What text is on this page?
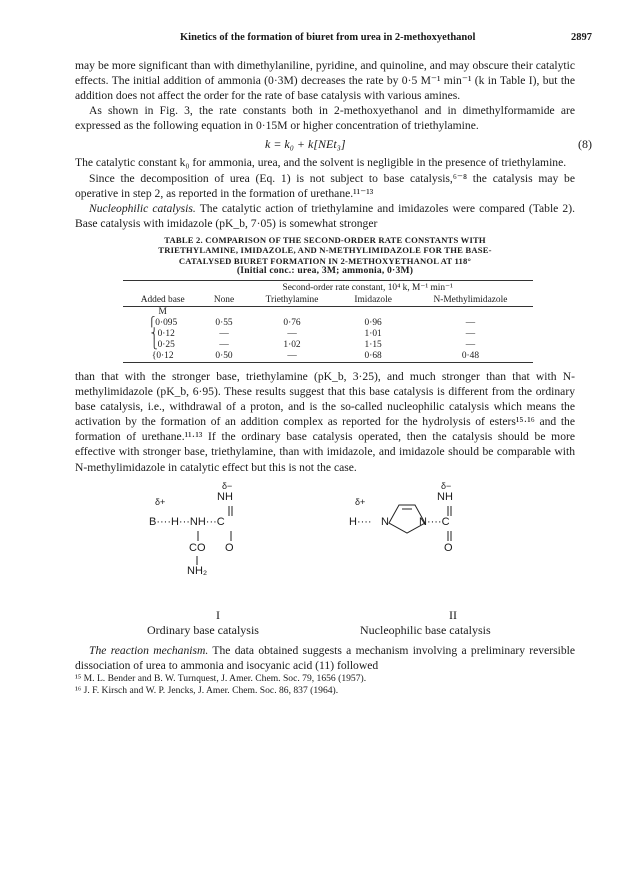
Kinetics of the formation of biuret from urea in 2-methoxyethanol	2897

may be more significant than with dimethylaniline, pyridine, and quinoline, and may obscure their catalytic effects. The initial addition of ammonia (0·3M) decreases the rate by 0·5 M⁻¹ min⁻¹ (k in Table I), but the addition does not affect the order for the rate of base catalysis with various amines.

As shown in Fig. 3, the rate constants both in 2-methoxyethanol and in dimethylformamide are expressed as the following equation in 0·15M or higher concentration of triethylamine.

k = k₀ + k[NEt₃]	(8)

The catalytic constant k₀ for ammonia, urea, and the solvent is negligible in the presence of triethylamine.

Since the decomposition of urea (Eq. 1) is not subject to base catalysis,⁶⁻⁸ the catalysis may be operative in step 2, as reported in the formation of urethane.¹¹⁻¹³

Nucleophilic catalysis. The catalytic action of triethylamine and imidazoles were compared (Table 2). Base catalysis with imidazole (pK_b, 7·05) is somewhat stronger

TABLE 2. COMPARISON OF THE SECOND-ORDER RATE CONSTANTS WITH
TRIETHYLAMINE, IMIDAZOLE, AND N-METHYLIMIDAZOLE FOR THE BASE-
CATALYSED BIURET FORMATION IN 2-METHOXYETHANOL AT 118°
(Initial conc.: urea, 3M; ammonia, 0·3M)
	Second-order rate constant, 10⁴ k, M⁻¹ min⁻¹			
Added base	None	Triethylamine	Imidazole	N-Methylimidazole
M				
⎧0·095	0·55	0·76	0·96	—
⎨0·12	—	—	1·01	—
⎩0·25	—	1·02	1·15	—
{0·12	0·50	—	0·68	0·48

than that with the stronger base, triethylamine (pK_b, 3·25), and much stronger than that with N-methylimidazole (pK_b, 6·95). These results suggest that this base catalysis is different from the ordinary base catalysis, i.e., withdrawal of a proton, and is the so-called nucleophilic catalysis which means the activation by the formation of an addition complex as reported for the hydrolysis of esters¹⁵·¹⁶ and the formation of urethane.¹¹·¹³ If the ordinary base catalysis operated, then the catalysis should be more effective with stronger base, triethylamine, than with imidazole, and imidazole should be comparable with N-methylimidazole in catalytic effect but this is not the case.

δ−
NH
δ+
B····H···NH···C
CO O
NH₂
I
Ordinary base catalysis
δ−
NH
δ+
H···· N	N····C
O
II
Nucleophilic base catalysis

The reaction mechanism. The data obtained suggests a mechanism involving a preliminary reversible dissociation of urea to ammonia and isocyanic acid (11) followed

¹⁵ M. L. Bender and B. W. Turnquest, J. Amer. Chem. Soc. 79, 1656 (1957).

¹⁶ J. F. Kirsch and W. P. Jencks, J. Amer. Chem. Soc. 86, 837 (1964).
